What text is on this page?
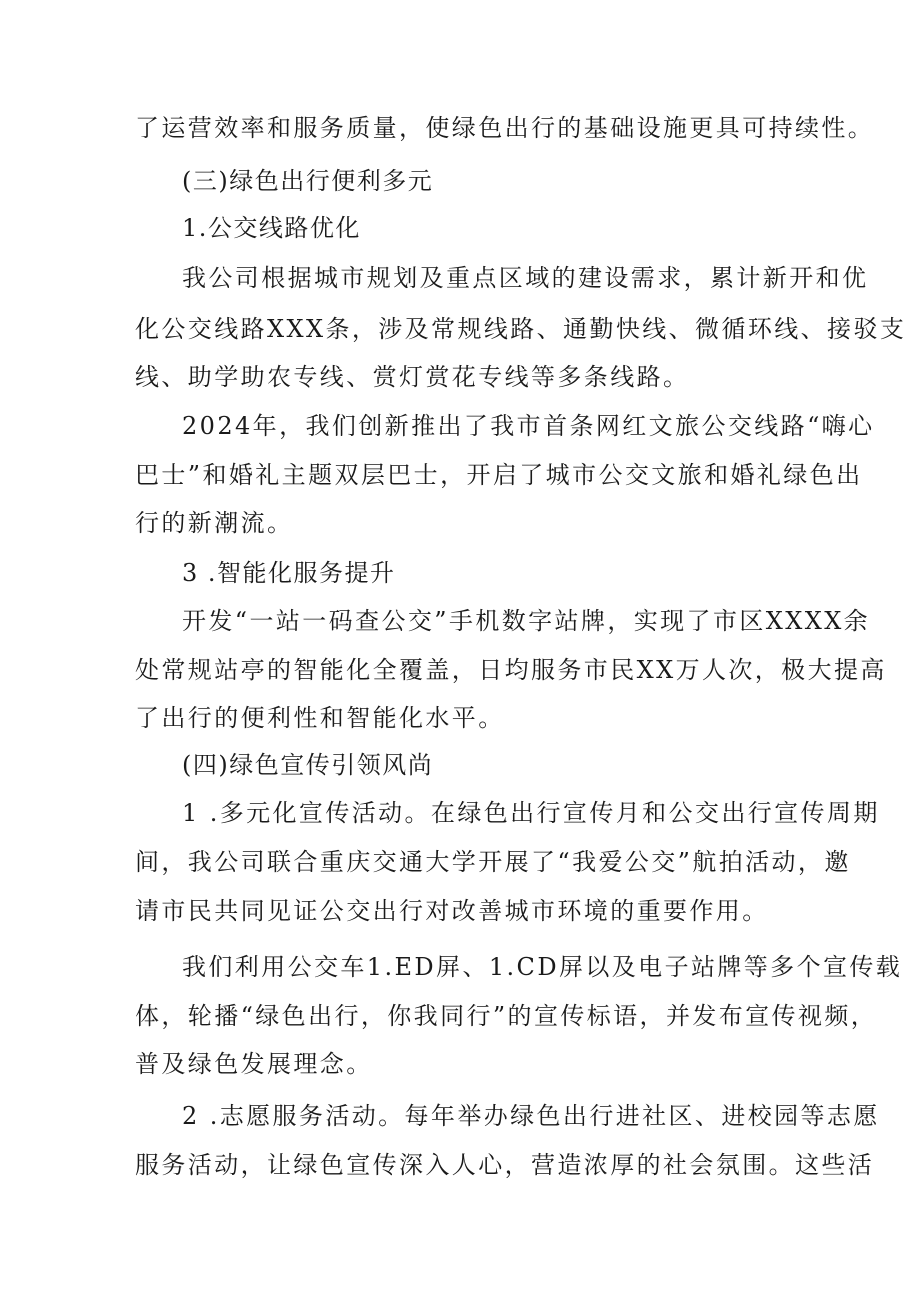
了运营效率和服务质量，使绿色出行的基础设施更具可持续性。
(三)绿色出行便利多元
1.公交线路优化
我公司根据城市规划及重点区域的建设需求，累计新开和优
化公交线路XXX条，涉及常规线路、通勤快线、微循环线、接驳支
线、助学助农专线、赏灯赏花专线等多条线路。
2024年，我们创新推出了我市首条网红文旅公交线路“嗨心
巴士”和婚礼主题双层巴士，开启了城市公交文旅和婚礼绿色出
行的新潮流。
3 .智能化服务提升
开发“一站一码查公交”手机数字站牌，实现了市区XXXX余
处常规站亭的智能化全覆盖，日均服务市民XX万人次，极大提高
了出行的便利性和智能化水平。
(四)绿色宣传引领风尚
1 .多元化宣传活动。在绿色出行宣传月和公交出行宣传周期
间，我公司联合重庆交通大学开展了“我爱公交”航拍活动，邀
请市民共同见证公交出行对改善城市环境的重要作用。
我们利用公交车1.ED屏、1.CD屏以及电子站牌等多个宣传载
体，轮播“绿色出行，你我同行”的宣传标语，并发布宣传视频，
普及绿色发展理念。
2 .志愿服务活动。每年举办绿色出行进社区、进校园等志愿
服务活动，让绿色宣传深入人心，营造浓厚的社会氛围。这些活
